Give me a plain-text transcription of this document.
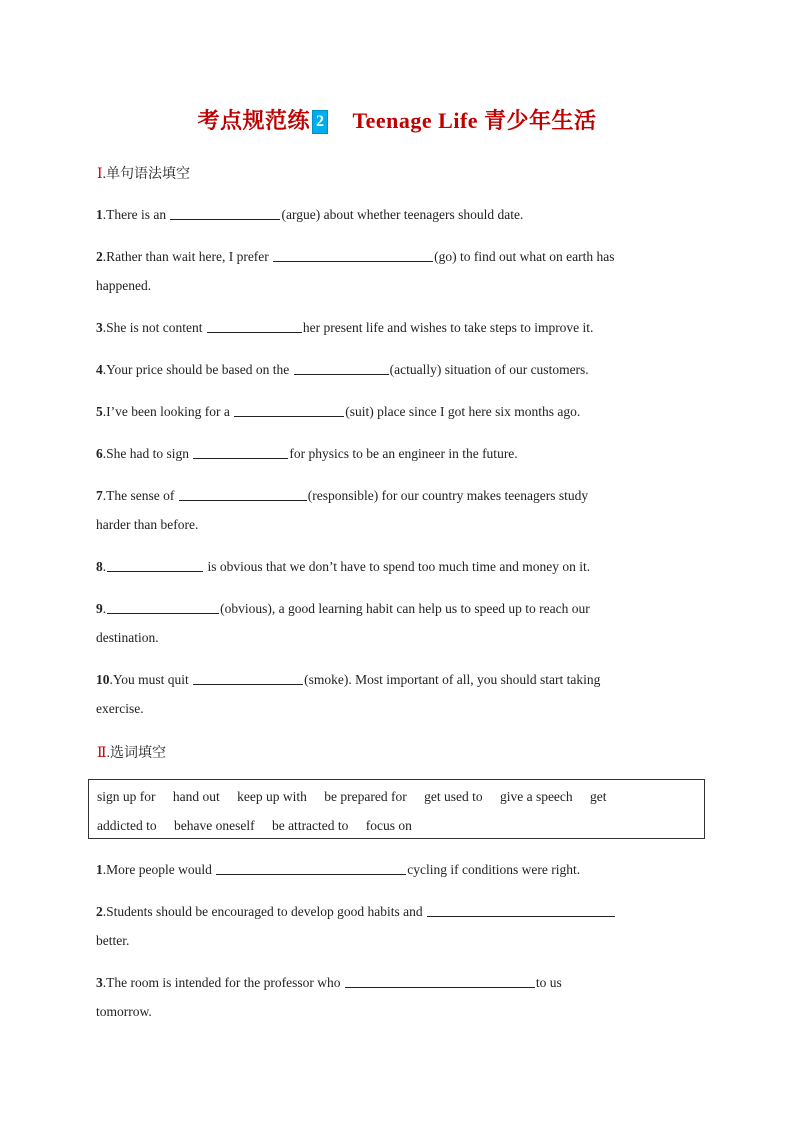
考点规范练 2 Teenage Life 青少年生活
Ⅰ.单句语法填空
1.There is an	(argue) about whether teenagers should date.
2.Rather than wait here, I prefer	(go) to find out what on earth has
happened.
3.She is not content	her present life and wishes to take steps to improve it.
4.Your price should be based on the	(actually) situation of our customers.
5.I’ve been looking for a	(suit) place since I got here six months ago.
6.She had to sign	for physics to be an engineer in the future.
7.The sense of	(responsible) for our country makes teenagers study
harder than before.
8.	is obvious that we don’t have to spend too much time and money on it.
9.	(obvious), a good learning habit can help us to speed up to reach our
destination.
10.You must quit	(smoke). Most important of all, you should start taking
exercise.
Ⅱ.选词填空
sign up for hand out keep up with be prepared for get used to give a speech get
addicted to behave oneself be attracted to focus on
1.More people would	cycling if conditions were right.
2.Students should be encouraged to develop good habits and
better.
3.The room is intended for the professor who	to us
tomorrow.
